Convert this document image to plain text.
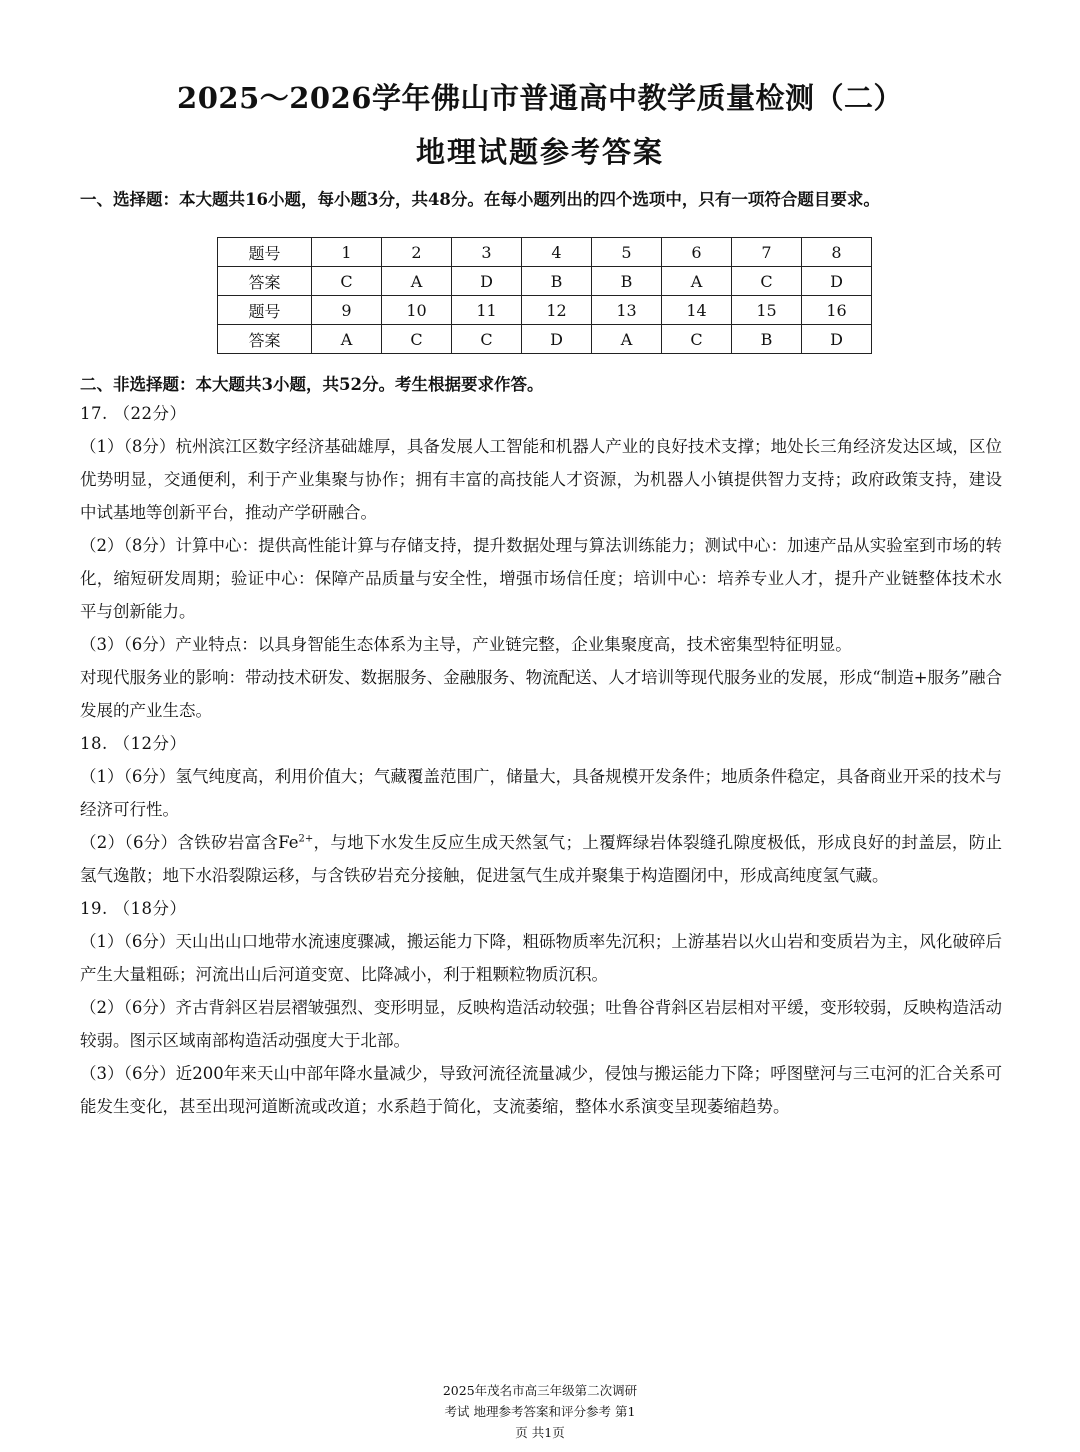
2025～2026学年佛山市普通高中教学质量检测（二）
地理试题参考答案
一、选择题：本大题共16小题，每小题3分，共48分。在每小题列出的四个选项中，只有一项符合题目要求。
题号	1	2	3	4	5	6	7	8
答案	C	A	D	B	B	A	C	D
题号	9	10	11	12	13	14	15	16
答案	A	C	C	D	A	C	B	D
二、非选择题：本大题共3小题，共52分。考生根据要求作答。

17. （22分）

（1）（8分）杭州滨江区数字经济基础雄厚，具备发展人工智能和机器人产业的良好技术支撑；地处长三角经济发达区域，区位优势明显，交通便利，利于产业集聚与协作；拥有丰富的高技能人才资源，为机器人小镇提供智力支持；政府政策支持，建设中试基地等创新平台，推动产学研融合。

（2）（8分）计算中心：提供高性能计算与存储支持，提升数据处理与算法训练能力；测试中心：加速产品从实验室到市场的转化，缩短研发周期；验证中心：保障产品质量与安全性，增强市场信任度；培训中心：培养专业人才，提升产业链整体技术水平与创新能力。

（3）（6分）产业特点：以具身智能生态体系为主导，产业链完整，企业集聚度高，技术密集型特征明显。

对现代服务业的影响：带动技术研发、数据服务、金融服务、物流配送、人才培训等现代服务业的发展，形成“制造+服务”融合发展的产业生态。

18. （12分）

（1）（6分）氢气纯度高，利用价值大；气藏覆盖范围广，储量大，具备规模开发条件；地质条件稳定，具备商业开采的技术与经济可行性。

（2）（6分）含铁矽岩富含$Fe^{2+}$，与地下水发生反应生成天然氢气；上覆辉绿岩体裂缝孔隙度极低，形成良好的封盖层，防止氢气逸散；地下水沿裂隙运移，与含铁矽岩充分接触，促进氢气生成并聚集于构造圈闭中，形成高纯度氢气藏。

19. （18分）

（1）（6分）天山出山口地带水流速度骤减，搬运能力下降，粗砾物质率先沉积；上游基岩以火山岩和变质岩为主，风化破碎后产生大量粗砾；河流出山后河道变宽、比降减小，利于粗颗粒物质沉积。

（2）（6分）齐古背斜区岩层褶皱强烈、变形明显，反映构造活动较强；吐鲁谷背斜区岩层相对平缓，变形较弱，反映构造活动较弱。图示区域南部构造活动强度大于北部。

（3）（6分）近200年来天山中部年降水量减少，导致河流径流量减少，侵蚀与搬运能力下降；呼图壁河与三屯河的汇合关系可能发生变化，甚至出现河道断流或改道；水系趋于简化，支流萎缩，整体水系演变呈现萎缩趋势。

2025年茂名市高三年级第二次调研
考试 地理参考答案和评分参考 第1
页 共1页
